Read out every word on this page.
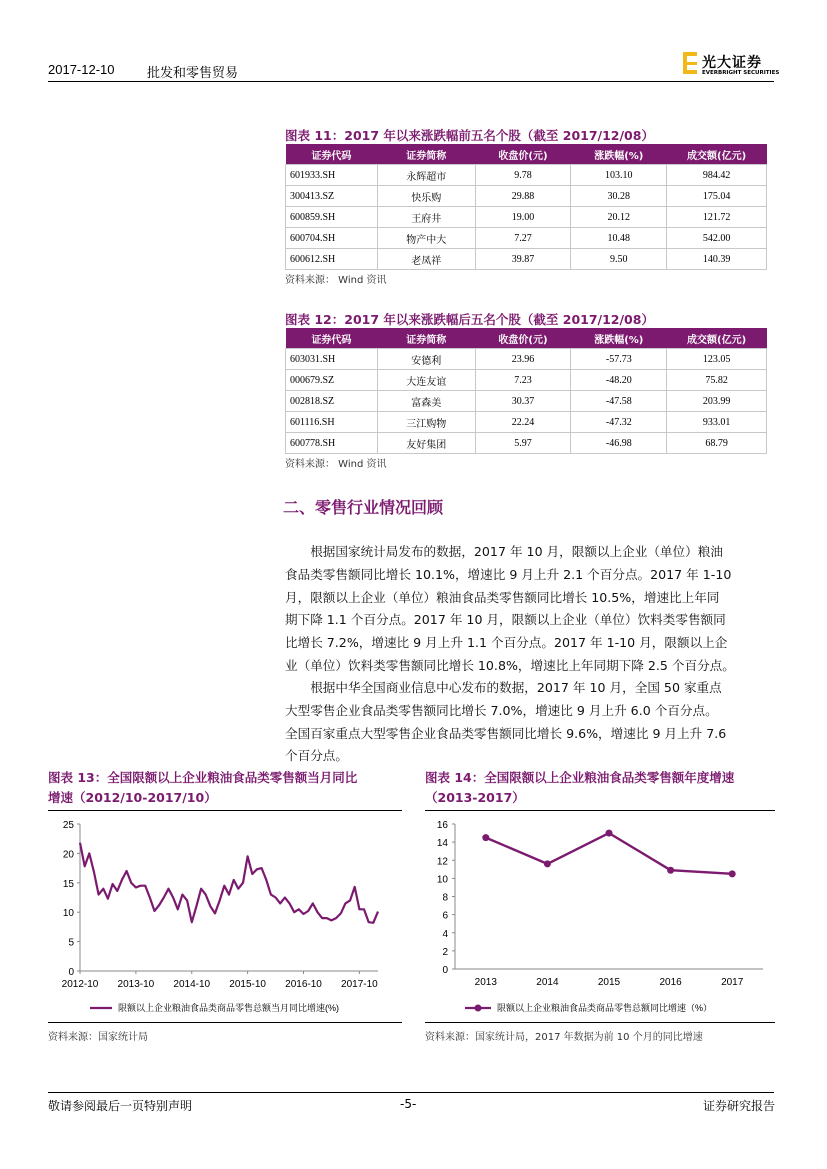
2017-12-10	批发和零售贸易
光大证券
EVERBRIGHT SECURITIES
图表 11：2017 年以来涨跌幅前五名个股（截至 2017/12/08）
证券代码	证券简称	收盘价(元)	涨跌幅(%)	成交额(亿元)
601933.SH	永辉超市	9.78	103.10	984.42
300413.SZ	快乐购	29.88	30.28	175.04
600859.SH	王府井	19.00	20.12	121.72
600704.SH	物产中大	7.27	10.48	542.00
600612.SH	老凤祥	39.87	9.50	140.39
资料来源： Wind 资讯
图表 12：2017 年以来涨跌幅后五名个股（截至 2017/12/08）
证券代码	证券简称	收盘价(元)	涨跌幅(%)	成交额(亿元)
603031.SH	安德利	23.96	-57.73	123.05
000679.SZ	大连友谊	7.23	-48.20	75.82
002818.SZ	富森美	30.37	-47.58	203.99
601116.SH	三江购物	22.24	-47.32	933.01
600778.SH	友好集团	5.97	-46.98	68.79
资料来源： Wind 资讯
二、零售行业情况回顾
根据国家统计局发布的数据，2017 年 10 月，限额以上企业（单位）粮油
食品类零售额同比增长 10.1%，增速比 9 月上升 2.1 个百分点。2017 年 1-10
月，限额以上企业（单位）粮油食品类零售额同比增长 10.5%，增速比上年同
期下降 1.1 个百分点。2017 年 10 月，限额以上企业（单位）饮料类零售额同
比增长 7.2%，增速比 9 月上升 1.1 个百分点。2017 年 1-10 月，限额以上企
业（单位）饮料类零售额同比增长 10.8%，增速比上年同期下降 2.5 个百分点。
根据中华全国商业信息中心发布的数据，2017 年 10 月，全国 50 家重点
大型零售企业食品类零售额同比增长 7.0%，增速比 9 月上升 6.0 个百分点。
全国百家重点大型零售企业食品类零售额同比增长 9.6%，增速比 9 月上升 7.6
个百分点。
图表 13：全国限额以上企业粮油食品类零售额当月同比
增速（2012/10-2017/10）
0
5
10
15
20
25
2012-10 2013-10 2014-10 2015-10 2016-10 2017-10
限额以上企业粮油食品类商品零售总额当月同比增速(%)
资料来源：国家统计局
图表 14：全国限额以上企业粮油食品类零售额年度增速
（2013-2017）
0
2
4
6
8
10
12
14
16
2013	2014	2015	2016	2017
限额以上企业粮油食品类商品零售总额同比增速（%）
资料来源：国家统计局，2017 年数据为前 10 个月的同比增速
敬请参阅最后一页特别声明	-5-	证券研究报告
